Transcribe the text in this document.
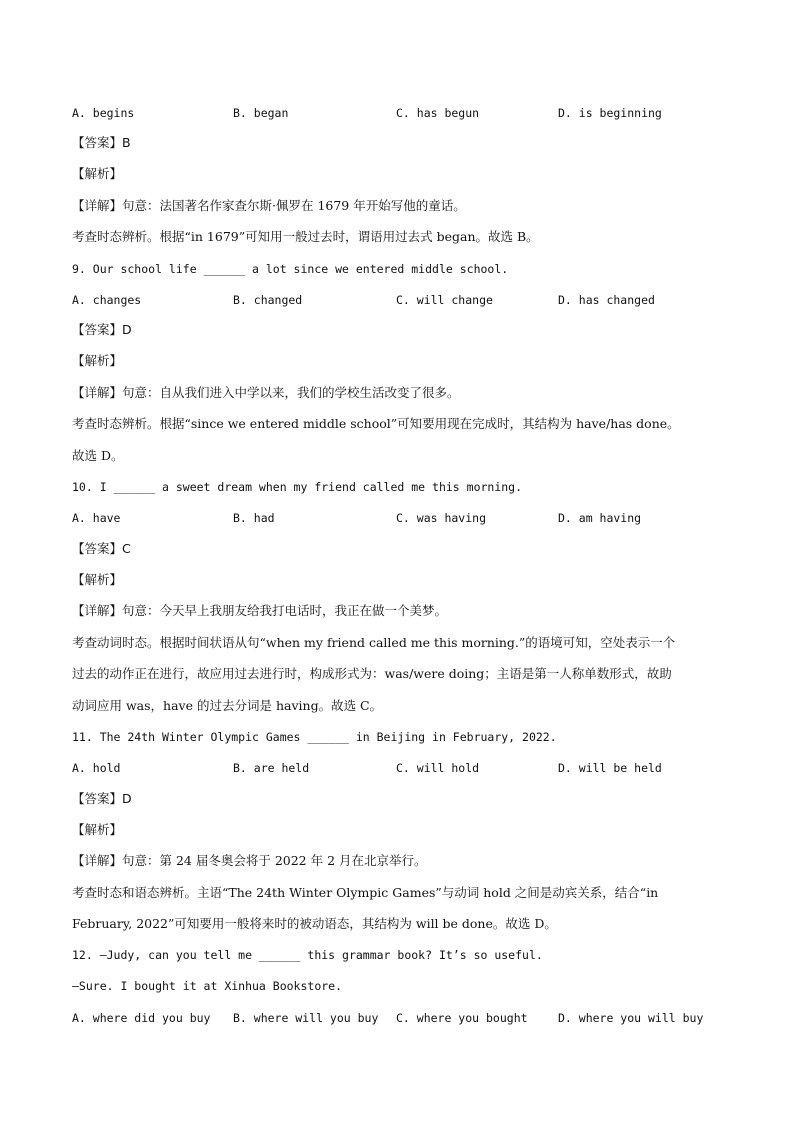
A. begins	B. began	C. has begun	D. is beginning
【答案】B
【解析】
【详解】句意：法国著名作家查尔斯·佩罗在 1679 年开始写他的童话。
考查时态辨析。根据“in 1679”可知用一般过去时，谓语用过去式 began。故选 B。
9. Our school life ______ a lot since we entered middle school.
A. changes	B. changed	C. will change	D. has changed
【答案】D
【解析】
【详解】句意：自从我们进入中学以来，我们的学校生活改变了很多。
考查时态辨析。根据“since we entered middle school”可知要用现在完成时，其结构为 have/has done。
故选 D。
10. I ______ a sweet dream when my friend called me this morning.
A. have	B. had	C. was having	D. am having
【答案】C
【解析】
【详解】句意：今天早上我朋友给我打电话时，我正在做一个美梦。
考查动词时态。根据时间状语从句“when my friend called me this morning.”的语境可知，空处表示一个
过去的动作正在进行，故应用过去进行时，构成形式为：was/were doing；主语是第一人称单数形式，故助
动词应用 was，have 的过去分词是 having。故选 C。
11. The 24th Winter Olympic Games ______ in Beijing in February, 2022.
A. hold	B. are held	C. will hold	D. will be held
【答案】D
【解析】
【详解】句意：第 24 届冬奥会将于 2022 年 2 月在北京举行。
考查时态和语态辨析。主语“The 24th Winter Olympic Games”与动词 hold 之间是动宾关系，结合“in
February, 2022”可知要用一般将来时的被动语态，其结构为 will be done。故选 D。
12. —Judy, can you tell me ______ this grammar book? It’s so useful.
—Sure. I bought it at Xinhua Bookstore.
A. where did you buy B. where will you buy C. where you bought	D. where you will buy
